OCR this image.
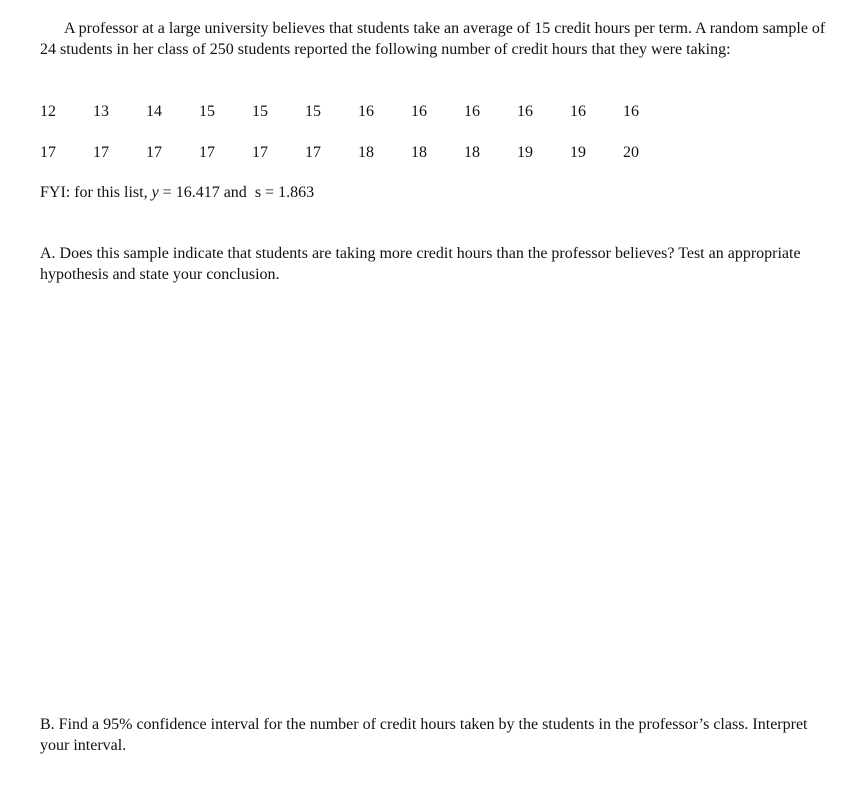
A professor at a large university believes that students take an average of 15 credit hours per term. A random sample of 24 students in her class of 250 students reported the following number of credit hours that they were taking:

12 13 14 15 15 15 16 16 16 16 16 16
17 17 17 17 17 17 18 18 18 19 19 20

FYI: for this list, y = 16.417 and s = 1.863

A. Does this sample indicate that students are taking more credit hours than the professor believes? Test an appropriate hypothesis and state your conclusion.

B. Find a 95% confidence interval for the number of credit hours taken by the students in the professor’s class. Interpret your interval.
